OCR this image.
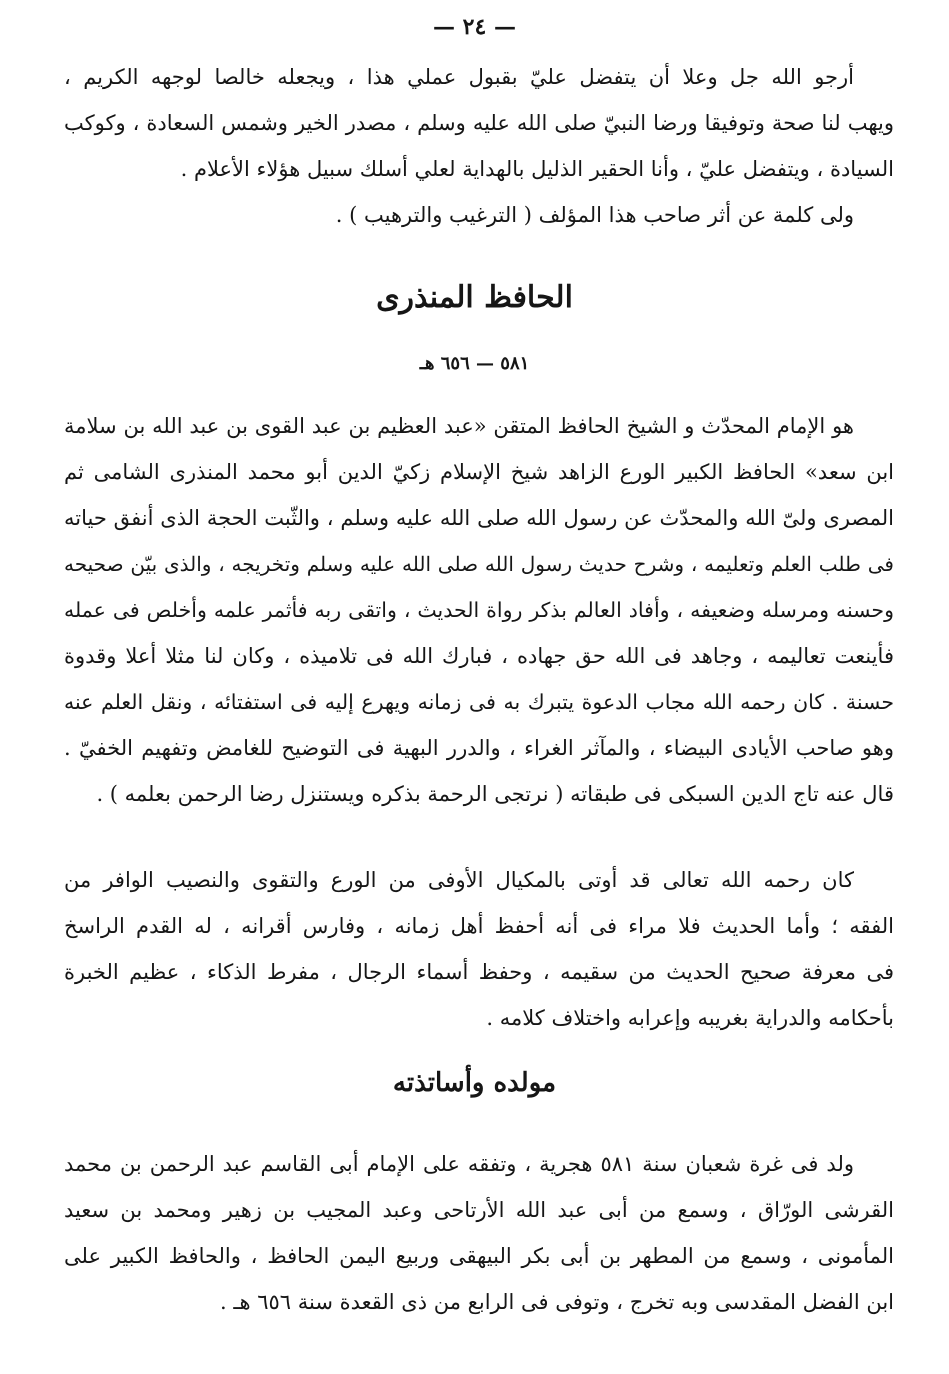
— ٢٤ —
أرجو الله جل وعلا أن يتفضل عليّ بقبول عملي هذا ، ويجعله خالصا لوجهه الكريم ،
ويهب لنا صحة وتوفيقا ورضا النبيّ صلى الله عليه وسلم ، مصدر الخير وشمس السعادة ، وكوكب
السيادة ، ويتفضل عليّ ، وأنا الحقير الذليل بالهداية لعلي أسلك سبيل هؤلاء الأعلام .
ولى كلمة عن أثر صاحب هذا المؤلف ( الترغيب والترهيب ) .
الحافظ المنذرى
٥٨١ — ٦٥٦ هـ
هو الإمام المحدّث و الشيخ الحافظ المتقن «عبد العظيم بن عبد القوى بن عبد الله بن سلامة
ابن سعد» الحافظ الكبير الورع الزاهد شيخ الإسلام زكيّ الدين أبو محمد المنذرى الشامى ثم
المصرى ولىّ الله والمحدّث عن رسول الله صلى الله عليه وسلم ، والثّبت الحجة الذى أنفق حياته
فى طلب العلم وتعليمه ، وشرح حديث رسول الله صلى الله عليه وسلم وتخريجه ، والذى بيّن صحيحه
وحسنه ومرسله وضعيفه ، وأفاد العالم بذكر رواة الحديث ، واتقى ربه فأثمر علمه وأخلص فى عمله
فأينعت تعاليمه ، وجاهد فى الله حق جهاده ، فبارك الله فى تلاميذه ، وكان لنا مثلا أعلا وقدوة
حسنة . كان رحمه الله مجاب الدعوة يتبرك به فى زمانه ويهرع إليه فى استفتائه ، ونقل العلم عنه
وهو صاحب الأيادى البيضاء ، والمآثر الغراء ، والدرر البهية فى التوضيح للغامض وتفهيم الخفيّ .
قال عنه تاج الدين السبكى فى طبقاته ( نرتجى الرحمة بذكره ويستنزل رضا الرحمن بعلمه ) .
كان رحمه الله تعالى قد أوتى بالمكيال الأوفى من الورع والتقوى والنصيب الوافر من
الفقه ؛ وأما الحديث فلا مراء فى أنه أحفظ أهل زمانه ، وفارس أقرانه ، له القدم الراسخ
فى معرفة صحيح الحديث من سقيمه ، وحفظ أسماء الرجال ، مفرط الذكاء ، عظيم الخبرة
بأحكامه والدراية بغريبه وإعرابه واختلاف كلامه .
مولده وأساتذته
ولد فى غرة شعبان سنة ٥٨١ هجرية ، وتفقه على الإمام أبى القاسم عبد الرحمن بن محمد
القرشى الورّاق ، وسمع من أبى عبد الله الأرتاحى وعبد المجيب بن زهير ومحمد بن سعيد
المأمونى ، وسمع من المطهر بن أبى بكر البيهقى وربيع اليمن الحافظ ، والحافظ الكبير على
ابن الفضل المقدسى وبه تخرج ، وتوفى فى الرابع من ذى القعدة سنة ٦٥٦ هـ .
